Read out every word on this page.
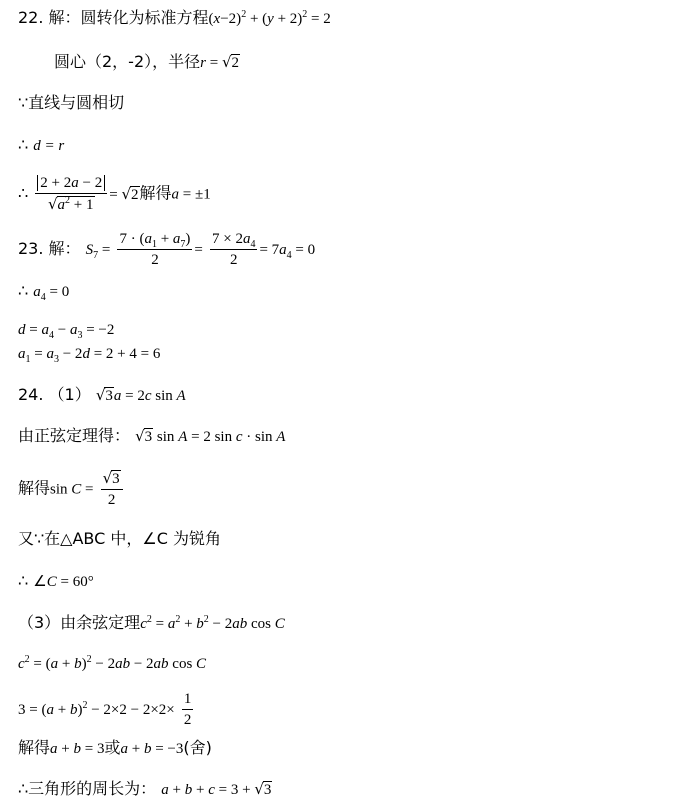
22. 解：圆转化为标准方程$(x-2)^2 + (y + 2)^2 = 2$
圆心（2，-2），半径r = √2
∵直线与圆相切
∴ d = r
∴ $\frac{2 + 2a - 2}{√a^2 + 1} = √2$解得a = ±1
23. 解： $S_7 = \frac{7 \cdot (a_1 + a_7)}{2} = \frac{7 \times 2a_4}{2} = 7a_4 = 0$
∴ $a_4 = 0$
$d = a_4 - a_3 = -2$
$a_1 = a_3 - 2d = 2 + 4 = 6$
24. （1） √3a = 2c sin A
由正弦定理得： √3 sin A = 2 sin c · sin A
解得$\sin C = \frac{√3}{2}$
又∵在△ABC 中，∠C 为锐角
∴ ∠C = 60°
（3）由余弦定理$c^2 = a^2 + b^2 - 2ab$ cos C
$c^2 = (a + b)^2 - 2ab - 2ab$ cos C
$3 = (a + b)^2 - 2\times 2 - 2\times 2\times \frac{1}{2}$
解得a + b = 3或a + b = −3(舍)
∴三角形的周长为： a + b + c = 3 + √3
